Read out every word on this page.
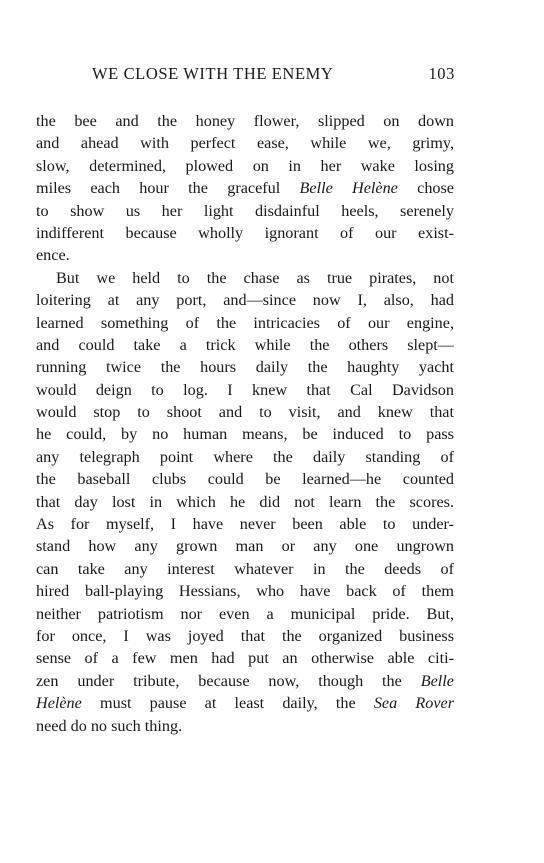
WE CLOSE WITH THE ENEMY	103
the bee and the honey flower, slipped on down
and ahead with perfect ease, while we, grimy,
slow, determined, plowed on in her wake losing
miles each hour the graceful Belle Helène chose
to show us her light disdainful heels, serenely
indifferent because wholly ignorant of our exist-
ence.
But we held to the chase as true pirates, not
loitering at any port, and—since now I, also, had
learned something of the intricacies of our engine,
and could take a trick while the others slept—
running twice the hours daily the haughty yacht
would deign to log. I knew that Cal Davidson
would stop to shoot and to visit, and knew that
he could, by no human means, be induced to pass
any telegraph point where the daily standing of
the baseball clubs could be learned—he counted
that day lost in which he did not learn the scores.
As for myself, I have never been able to under-
stand how any grown man or any one ungrown
can take any interest whatever in the deeds of
hired ball-playing Hessians, who have back of them
neither patriotism nor even a municipal pride. But,
for once, I was joyed that the organized business
sense of a few men had put an otherwise able citi-
zen under tribute, because now, though the Belle
Helène must pause at least daily, the Sea Rover
need do no such thing.
